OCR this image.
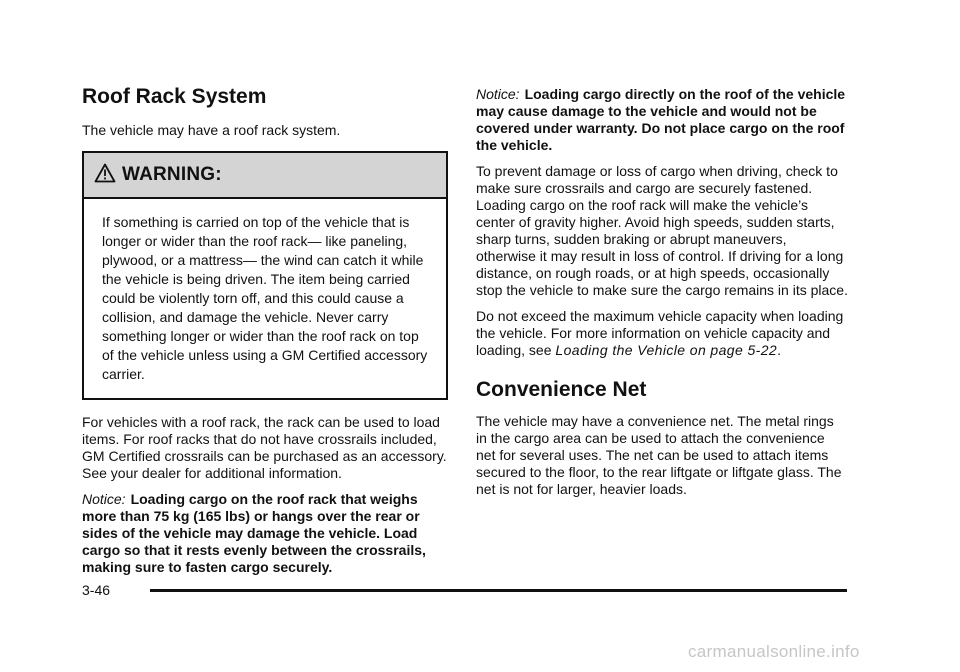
Roof Rack System

The vehicle may have a roof rack system.

WARNING:
If something is carried on top of the vehicle that is longer or wider than the roof rack— like paneling, plywood, or a mattress— the wind can catch it while the vehicle is being driven. The item being carried could be violently torn off, and this could cause a collision, and damage the vehicle. Never carry something longer or wider than the roof rack on top of the vehicle unless using a GM Certified accessory carrier.

For vehicles with a roof rack, the rack can be used to load items. For roof racks that do not have crossrails included, GM Certified crossrails can be purchased as an accessory. See your dealer for additional information.

Notice: Loading cargo on the roof rack that weighs more than 75 kg (165 lbs) or hangs over the rear or sides of the vehicle may damage the vehicle. Load cargo so that it rests evenly between the crossrails, making sure to fasten cargo securely.

Notice: Loading cargo directly on the roof of the vehicle may cause damage to the vehicle and would not be covered under warranty. Do not place cargo on the roof the vehicle.

To prevent damage or loss of cargo when driving, check to make sure crossrails and cargo are securely fastened. Loading cargo on the roof rack will make the vehicle’s center of gravity higher. Avoid high speeds, sudden starts, sharp turns, sudden braking or abrupt maneuvers, otherwise it may result in loss of control. If driving for a long distance, on rough roads, or at high speeds, occasionally stop the vehicle to make sure the cargo remains in its place.

Do not exceed the maximum vehicle capacity when loading the vehicle. For more information on vehicle capacity and loading, see Loading the Vehicle on page 5‑22.

Convenience Net

The vehicle may have a convenience net. The metal rings in the cargo area can be used to attach the convenience net for several uses. The net can be used to attach items secured to the floor, to the rear liftgate or liftgate glass. The net is not for larger, heavier loads.

3-46
carmanualsonline.info
